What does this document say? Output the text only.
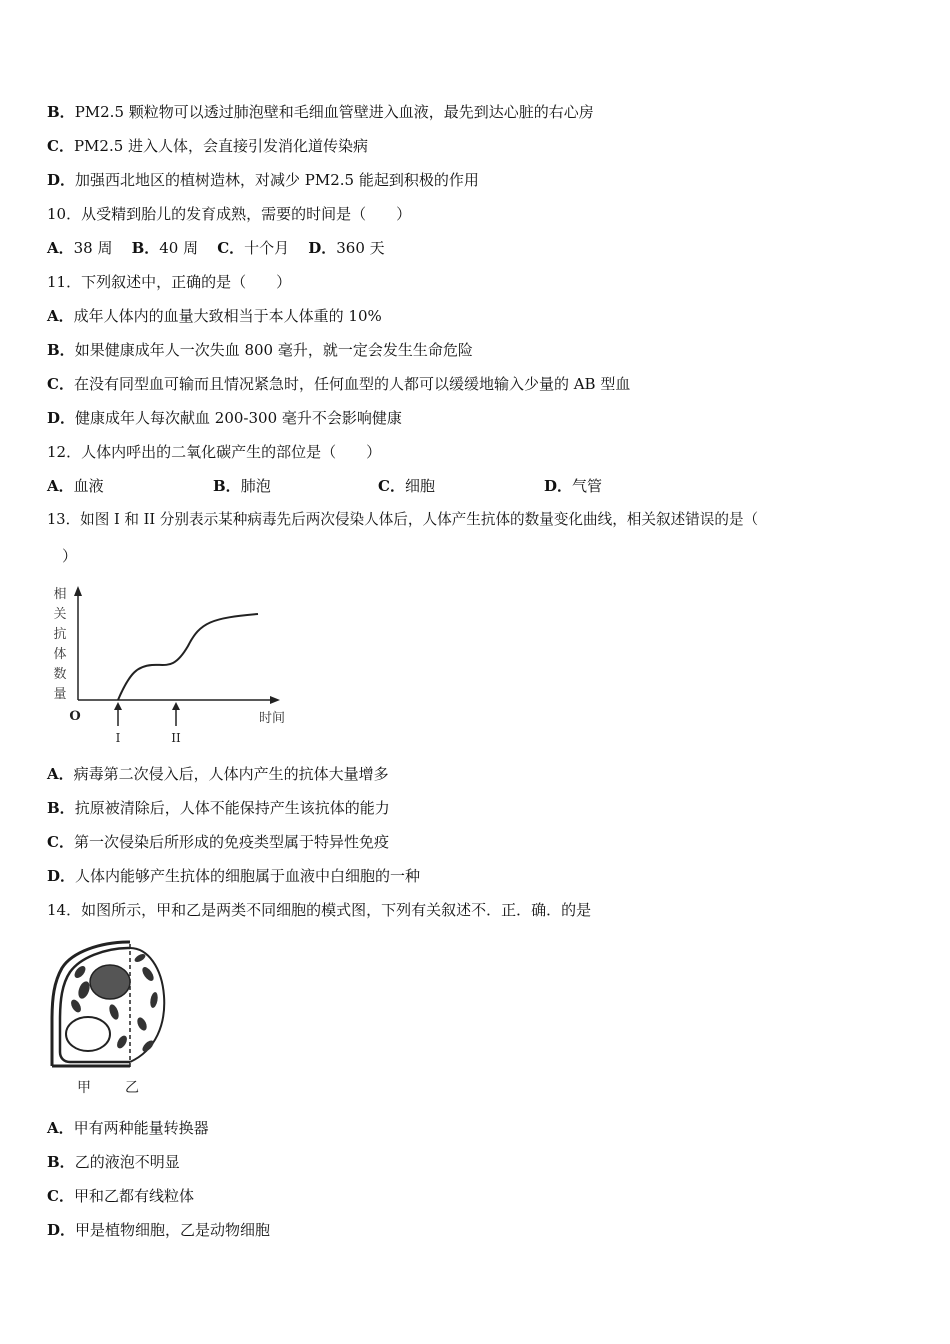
B．PM2.5 颗粒物可以透过肺泡壁和毛细血管壁进入血液，最先到达心脏的右心房
C．PM2.5 进入人体，会直接引发消化道传染病
D．加强西北地区的植树造林，对减少 PM2.5 能起到积极的作用
10．从受精到胎儿的发育成熟，需要的时间是（　　）
A．38 周 B．40 周 C．十个月 D．360 天
11．下列叙述中，正确的是（　　）
A．成年人体内的血量大致相当于本人体重的 10%
B．如果健康成年人一次失血 800 毫升，就一定会发生生命危险
C．在没有同型血可输而且情况紧急时，任何血型的人都可以缓缓地输入少量的 AB 型血
D．健康成年人每次献血 200-300 毫升不会影响健康
12．人体内呼出的二氧化碳产生的部位是（　　）
A．血液	B．肺泡	C．细胞	D．气管
13．如图 I 和 II 分别表示某种病毒先后两次侵染人体后，人体产生抗体的数量变化曲线，相关叙述错误的是（
）
相
关
抗
体
数
量
O	时间
I	II
A．病毒第二次侵入后，人体内产生的抗体大量增多
B．抗原被清除后，人体不能保持产生该抗体的能力
C．第一次侵染后所形成的免疫类型属于特异性免疫
D．人体内能够产生抗体的细胞属于血液中白细胞的一种
14．如图所示，甲和乙是两类不同细胞的模式图，下列有关叙述不．正．确．的是
甲 乙
A．甲有两种能量转换器
B．乙的液泡不明显
C．甲和乙都有线粒体
D．甲是植物细胞，乙是动物细胞
